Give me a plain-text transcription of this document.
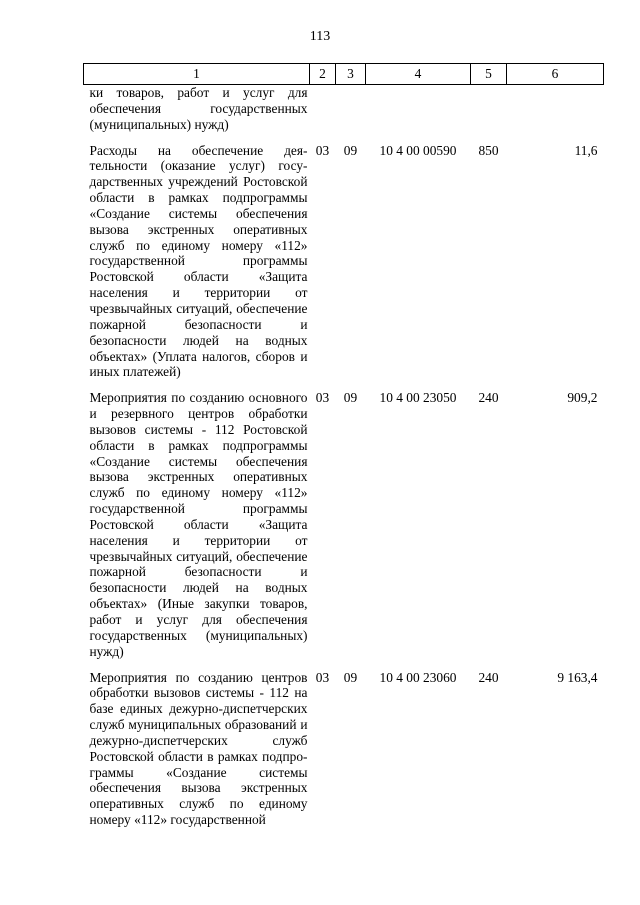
113
1	2	3	4	5	6
ки товаров, работ и услуг для обеспечения государственных (муниципальных) нужд)					
Расходы на обеспечение деятельности (оказание услуг) государственных учреждений Ростовской области в рамках подпрограммы «Создание системы обеспечения вызова экстренных оперативных служб по единому номеру «112» государственной программы Ростовской области «Защита населения и территории от чрезвычайных ситуаций, обеспечение пожарной безопасности и безопасности людей на водных объектах» (Уплата налогов, сборов и иных платежей)	03	09	10 4 00 00590	850	11,6
Мероприятия по созданию основного и резервного центров обработки вызовов системы - 112 Ростовской области в рамках подпрограммы «Создание системы обеспечения вызова экстренных оперативных служб по единому номеру «112» государственной программы Ростовской области «Защита населения и территории от чрезвычайных ситуаций, обеспечение пожарной безопасности и безопасности людей на водных объектах» (Иные закупки товаров, работ и услуг для обеспечения государственных (муниципальных) нужд)	03	09	10 4 00 23050	240	909,2
Мероприятия по созданию центров обработки вызовов системы - 112 на базе единых дежурно-диспетчерских служб муниципальных образований и дежурно-диспетчерских служб Ростовской области в рамках подпрограммы «Создание системы обеспечения вызова экстренных оперативных служб по единому номеру «112» государственной	03	09	10 4 00 23060	240	9 163,4
